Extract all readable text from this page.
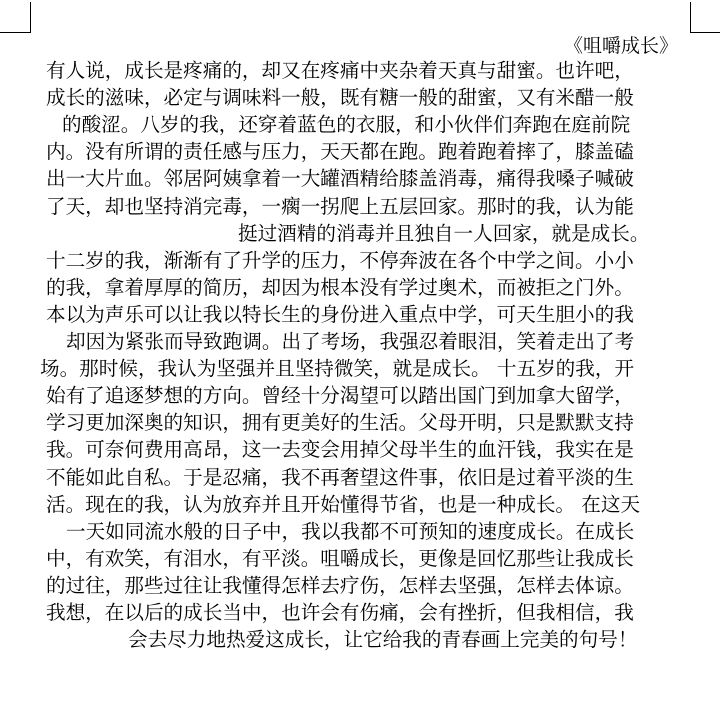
《咀嚼成长》
有人说，成长是疼痛的，却又在疼痛中夹杂着天真与甜蜜。也许吧，
成长的滋味，必定与调味料一般，既有糖一般的甜蜜，又有米醋一般
的酸涩。八岁的我，还穿着蓝色的衣服，和小伙伴们奔跑在庭前院
内。没有所谓的责任感与压力，天天都在跑。跑着跑着摔了，膝盖磕
出一大片血。邻居阿姨拿着一大罐酒精给膝盖消毒，痛得我嗓子喊破
了天，却也坚持消完毒，一瘸一拐爬上五层回家。那时的我，认为能
挺过酒精的消毒并且独自一人回家，就是成长。
十二岁的我，渐渐有了升学的压力，不停奔波在各个中学之间。小小
的我，拿着厚厚的简历，却因为根本没有学过奥术，而被拒之门外。
本以为声乐可以让我以特长生的身份进入重点中学，可天生胆小的我
却因为紧张而导致跑调。出了考场，我强忍着眼泪，笑着走出了考
场。那时候，我认为坚强并且坚持微笑，就是成长。 十五岁的我，开
始有了追逐梦想的方向。曾经十分渴望可以踏出国门到加拿大留学，
学习更加深奥的知识，拥有更美好的生活。父母开明，只是默默支持
我。可奈何费用高昂，这一去变会用掉父母半生的血汗钱，我实在是
不能如此自私。于是忍痛，我不再奢望这件事，依旧是过着平淡的生
活。现在的我，认为放弃并且开始懂得节省，也是一种成长。 在这天
一天如同流水般的日子中，我以我都不可预知的速度成长。在成长
中，有欢笑，有泪水，有平淡。咀嚼成长，更像是回忆那些让我成长
的过往，那些过往让我懂得怎样去疗伤，怎样去坚强，怎样去体谅。
我想，在以后的成长当中，也许会有伤痛，会有挫折，但我相信，我
会去尽力地热爱这成长，让它给我的青春画上完美的句号！
